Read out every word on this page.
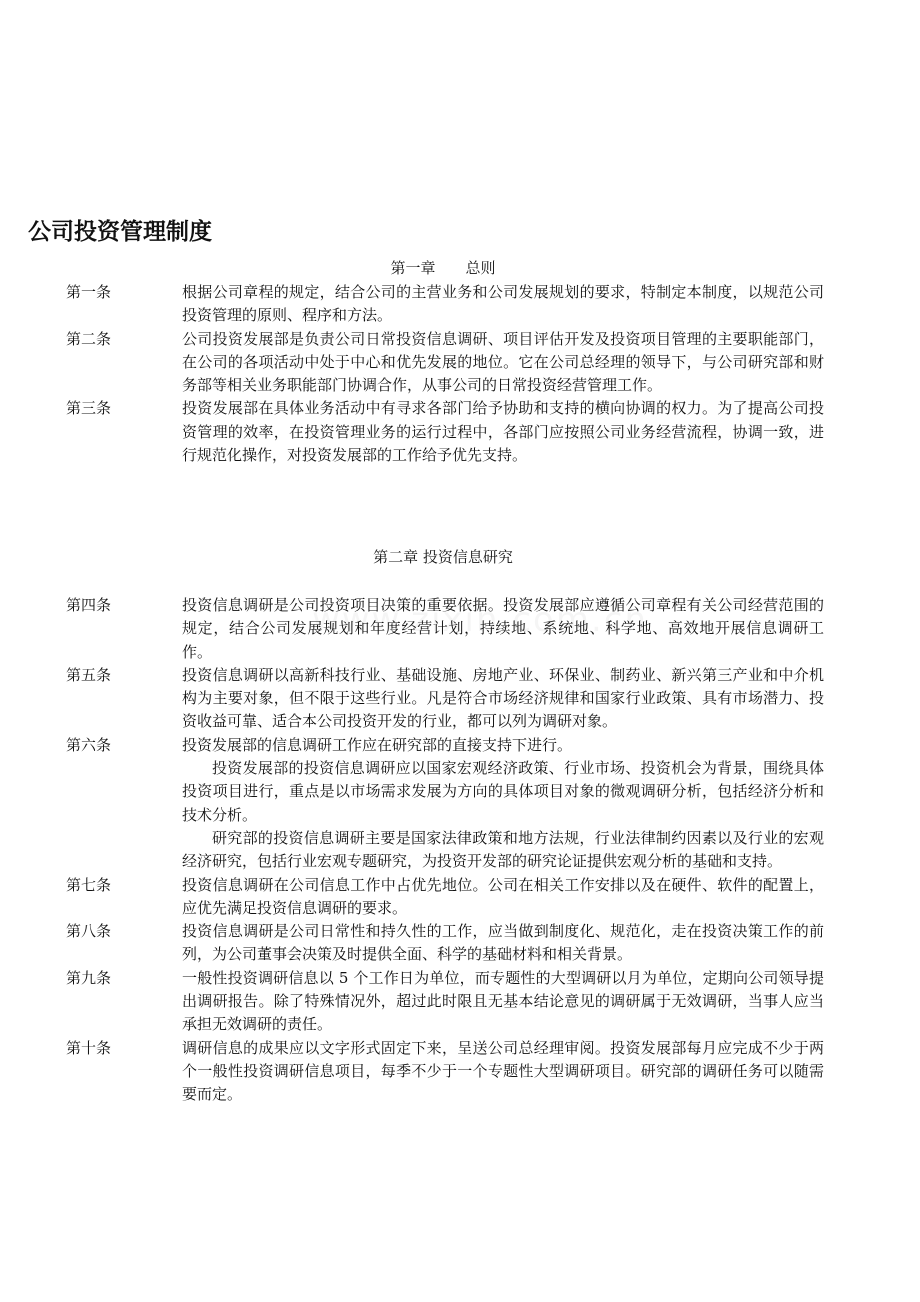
公司投资管理制度

第一章　　总则

第一条	根据公司章程的规定，结合公司的主营业务和公司发展规划的要求，特制定本制度，以规范公司投资管理的原则、程序和方法。

第二条	公司投资发展部是负责公司日常投资信息调研、项目评估开发及投资项目管理的主要职能部门，在公司的各项活动中处于中心和优先发展的地位。它在公司总经理的领导下，与公司研究部和财务部等相关业务职能部门协调合作，从事公司的日常投资经营管理工作。

第三条	投资发展部在具体业务活动中有寻求各部门给予协助和支持的横向协调的权力。为了提高公司投资管理的效率，在投资管理业务的运行过程中，各部门应按照公司业务经营流程，协调一致，进行规范化操作，对投资发展部的工作给予优先支持。

第二章 投资信息研究

第四条	投资信息调研是公司投资项目决策的重要依据。投资发展部应遵循公司章程有关公司经营范围的规定，结合公司发展规划和年度经营计划，持续地、系统地、科学地、高效地开展信息调研工作。

第五条	投资信息调研以高新科技行业、基础设施、房地产业、环保业、制药业、新兴第三产业和中介机构为主要对象，但不限于这些行业。凡是符合市场经济规律和国家行业政策、具有市场潜力、投资收益可靠、适合本公司投资开发的行业，都可以列为调研对象。

第六条	投资发展部的信息调研工作应在研究部的直接支持下进行。

投资发展部的投资信息调研应以国家宏观经济政策、行业市场、投资机会为背景，围绕具体投资项目进行，重点是以市场需求发展为方向的具体项目对象的微观调研分析，包括经济分析和技术分析。

研究部的投资信息调研主要是国家法律政策和地方法规，行业法律制约因素以及行业的宏观经济研究，包括行业宏观专题研究，为投资开发部的研究论证提供宏观分析的基础和支持。

第七条	投资信息调研在公司信息工作中占优先地位。公司在相关工作安排以及在硬件、软件的配置上，应优先满足投资信息调研的要求。

第八条	投资信息调研是公司日常性和持久性的工作，应当做到制度化、规范化，走在投资决策工作的前列，为公司董事会决策及时提供全面、科学的基础材料和相关背景。

第九条	一般性投资调研信息以 5 个工作日为单位，而专题性的大型调研以月为单位，定期向公司领导提出调研报告。除了特殊情况外，超过此时限且无基本结论意见的调研属于无效调研，当事人应当承担无效调研的责任。

第十条	调研信息的成果应以文字形式固定下来，呈送公司总经理审阅。投资发展部每月应完成不少于两个一般性投资调研信息项目，每季不少于一个专题性大型调研项目。研究部的调研任务可以随需要而定。
